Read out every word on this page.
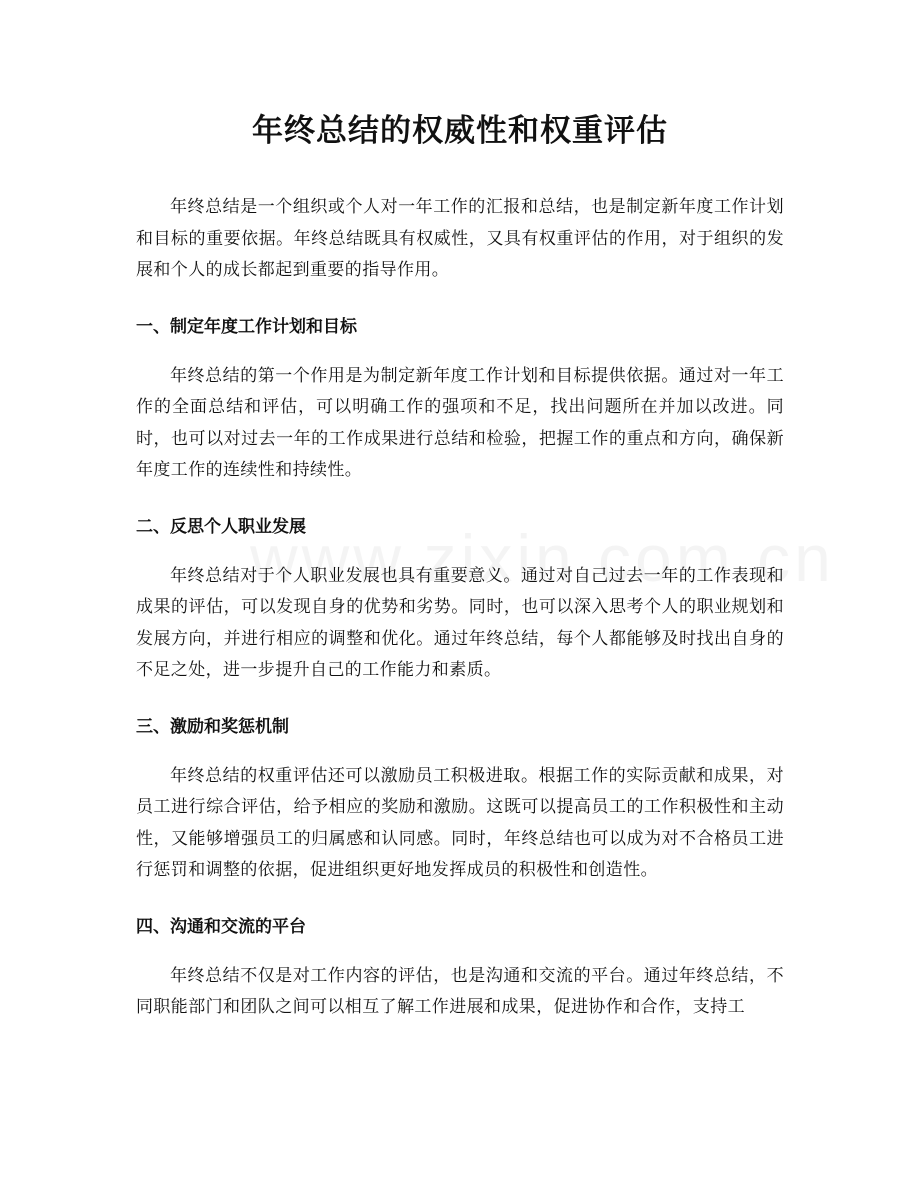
年终总结的权威性和权重评估

年终总结是一个组织或个人对一年工作的汇报和总结，也是制定新年度工作计划和目标的重要依据。年终总结既具有权威性，又具有权重评估的作用，对于组织的发展和个人的成长都起到重要的指导作用。

一、制定年度工作计划和目标

年终总结的第一个作用是为制定新年度工作计划和目标提供依据。通过对一年工作的全面总结和评估，可以明确工作的强项和不足，找出问题所在并加以改进。同时，也可以对过去一年的工作成果进行总结和检验，把握工作的重点和方向，确保新年度工作的连续性和持续性。

二、反思个人职业发展

年终总结对于个人职业发展也具有重要意义。通过对自己过去一年的工作表现和成果的评估，可以发现自身的优势和劣势。同时，也可以深入思考个人的职业规划和发展方向，并进行相应的调整和优化。通过年终总结，每个人都能够及时找出自身的不足之处，进一步提升自己的工作能力和素质。

三、激励和奖惩机制

年终总结的权重评估还可以激励员工积极进取。根据工作的实际贡献和成果，对员工进行综合评估，给予相应的奖励和激励。这既可以提高员工的工作积极性和主动性，又能够增强员工的归属感和认同感。同时，年终总结也可以成为对不合格员工进行惩罚和调整的依据，促进组织更好地发挥成员的积极性和创造性。

四、沟通和交流的平台

年终总结不仅是对工作内容的评估，也是沟通和交流的平台。通过年终总结，不同职能部门和团队之间可以相互了解工作进展和成果，促进协作和合作，支持工
